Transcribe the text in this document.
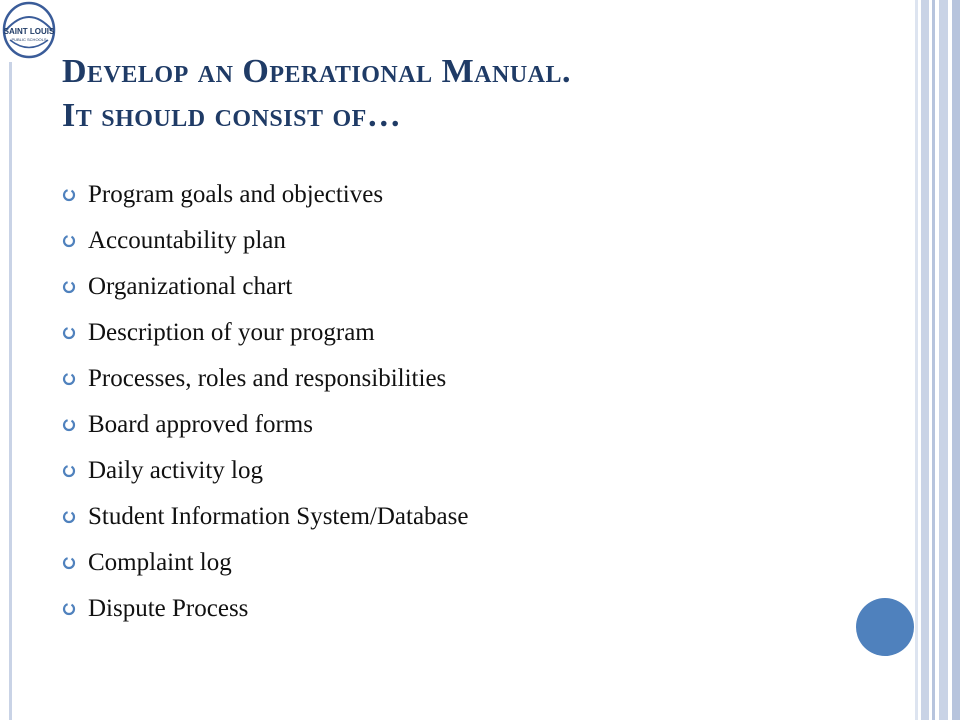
SAINT LOUIS
PUBLIC SCHOOLS
Develop an Operational Manual.
It should consist of…
Program goals and objectives
Accountability plan
Organizational chart
Description of your program
Processes, roles and responsibilities
Board approved forms
Daily activity log
Student Information System/Database
Complaint log
Dispute Process
